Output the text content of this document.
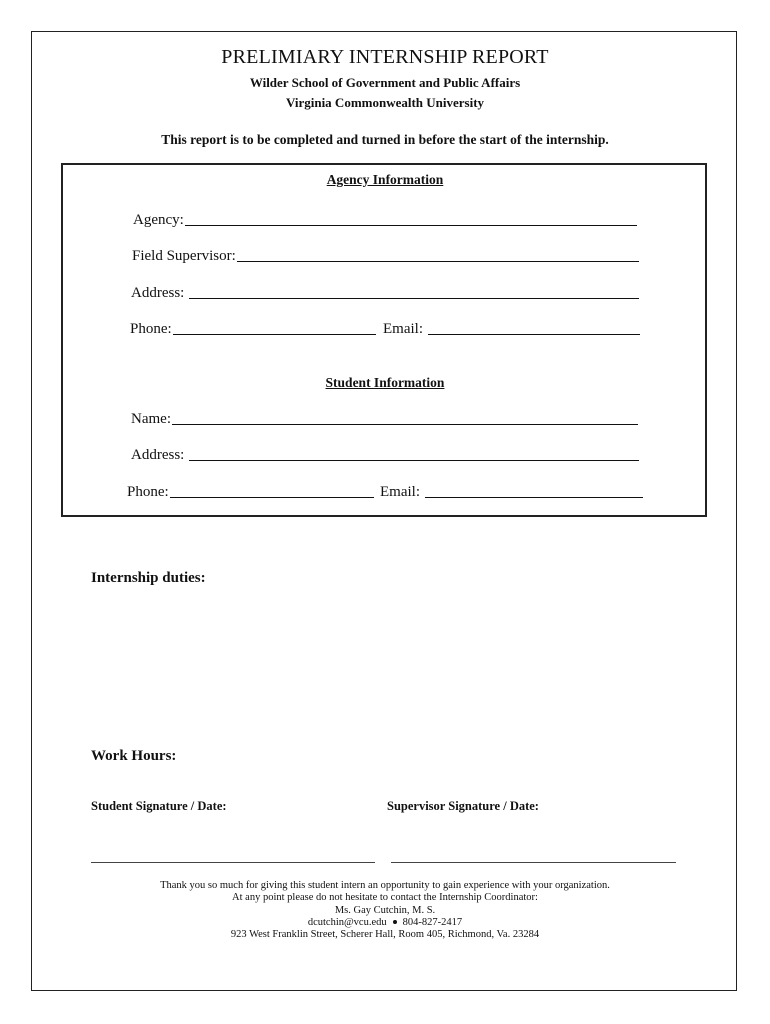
PRELIMIARY INTERNSHIP REPORT
Wilder School of Government and Public Affairs
Virginia Commonwealth University
This report is to be completed and turned in before the start of the internship.
Agency Information
Agency:
Field Supervisor:
Address:
Phone:	Email:
Student Information
Name:
Address:
Phone:	Email:
Internship duties:
Work Hours:
Student Signature / Date:	Supervisor Signature / Date:
Thank you so much for giving this student intern an opportunity to gain experience with your organization.
At any point please do not hesitate to contact the Internship Coordinator:
Ms. Gay Cutchin, M. S.
dcutchin@vcu.edu 804-827-2417
923 West Franklin Street, Scherer Hall, Room 405, Richmond, Va. 23284
